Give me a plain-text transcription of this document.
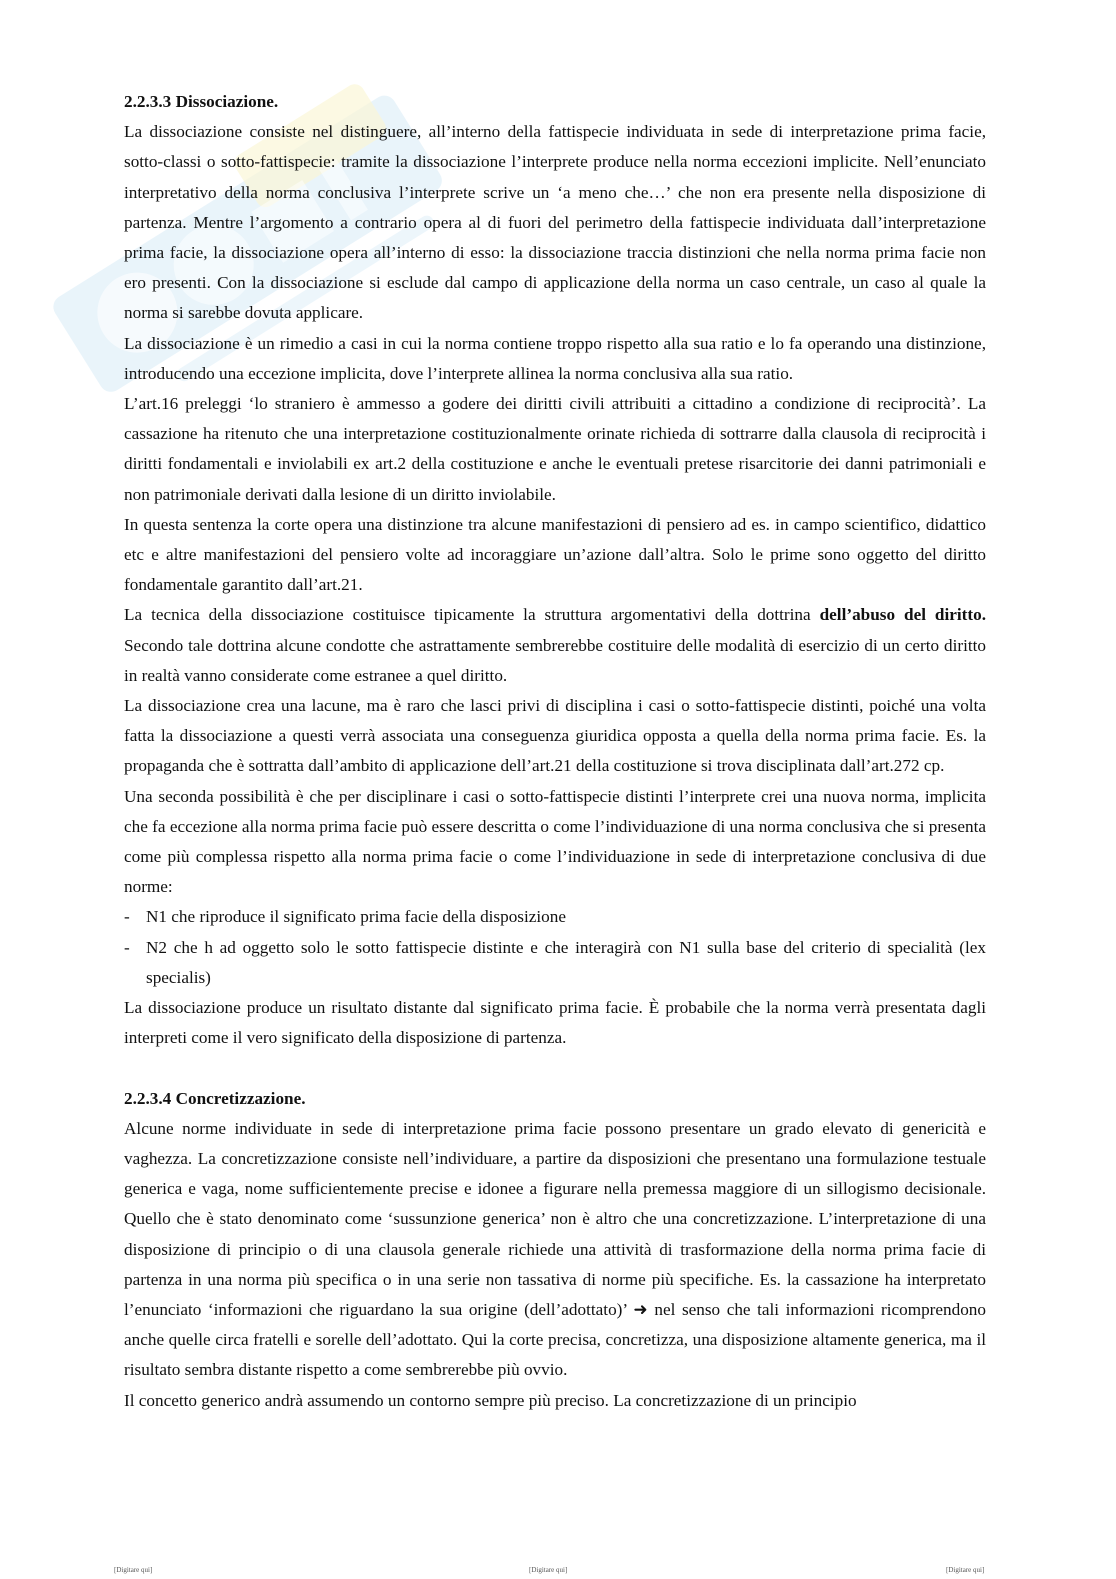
2.2.3.3 Dissociazione.

La dissociazione consiste nel distinguere, all’interno della fattispecie individuata in sede di interpretazione prima facie, sotto-classi o sotto-fattispecie: tramite la dissociazione l’interprete produce nella norma eccezioni implicite. Nell’enunciato interpretativo della norma conclusiva l’interprete scrive un ‘a meno che…’ che non era presente nella disposizione di partenza. Mentre l’argomento a contrario opera al di fuori del perimetro della fattispecie individuata dall’interpretazione prima facie, la dissociazione opera all’interno di esso: la dissociazione traccia distinzioni che nella norma prima facie non ero presenti. Con la dissociazione si esclude dal campo di applicazione della norma un caso centrale, un caso al quale la norma si sarebbe dovuta applicare.

La dissociazione è un rimedio a casi in cui la norma contiene troppo rispetto alla sua ratio e lo fa operando una distinzione, introducendo una eccezione implicita, dove l’interprete allinea la norma conclusiva alla sua ratio.

L’art.16 preleggi ‘lo straniero è ammesso a godere dei diritti civili attribuiti a cittadino a condizione di reciprocità’. La cassazione ha ritenuto che una interpretazione costituzionalmente orinate richieda di sottrarre dalla clausola di reciprocità i diritti fondamentali e inviolabili ex art.2 della costituzione e anche le eventuali pretese risarcitorie dei danni patrimoniali e non patrimoniale derivati dalla lesione di un diritto inviolabile.

In questa sentenza la corte opera una distinzione tra alcune manifestazioni di pensiero ad es. in campo scientifico, didattico etc e altre manifestazioni del pensiero volte ad incoraggiare un’azione dall’altra. Solo le prime sono oggetto del diritto fondamentale garantito dall’art.21.

La tecnica della dissociazione costituisce tipicamente la struttura argomentativi della dottrina dell’abuso del diritto. Secondo tale dottrina alcune condotte che astrattamente sembrerebbe costituire delle modalità di esercizio di un certo diritto in realtà vanno considerate come estranee a quel diritto.

La dissociazione crea una lacune, ma è raro che lasci privi di disciplina i casi o sotto-fattispecie distinti, poiché una volta fatta la dissociazione a questi verrà associata una conseguenza giuridica opposta a quella della norma prima facie. Es. la propaganda che è sottratta dall’ambito di applicazione dell’art.21 della costituzione si trova disciplinata dall’art.272 cp.

Una seconda possibilità è che per disciplinare i casi o sotto-fattispecie distinti l’interprete crei una nuova norma, implicita che fa eccezione alla norma prima facie può essere descritta o come l’individuazione di una norma conclusiva che si presenta come più complessa rispetto alla norma prima facie o come l’individuazione in sede di interpretazione conclusiva di due norme:

- N1 che riproduce il significato prima facie della disposizione
- N2 che h ad oggetto solo le sotto fattispecie distinte e che interagirà con N1 sulla base del criterio di specialità (lex specialis)

La dissociazione produce un risultato distante dal significato prima facie. È probabile che la norma verrà presentata dagli interpreti come il vero significato della disposizione di partenza.

2.2.3.4 Concretizzazione.

Alcune norme individuate in sede di interpretazione prima facie possono presentare un grado elevato di genericità e vaghezza. La concretizzazione consiste nell’individuare, a partire da disposizioni che presentano una formulazione testuale generica e vaga, nome sufficientemente precise e idonee a figurare nella premessa maggiore di un sillogismo decisionale. Quello che è stato denominato come ‘sussunzione generica’ non è altro che una concretizzazione. L’interpretazione di una disposizione di principio o di una clausola generale richiede una attività di trasformazione della norma prima facie di partenza in una norma più specifica o in una serie non tassativa di norme più specifiche. Es. la cassazione ha interpretato l’enunciato ‘informazioni che riguardano la sua origine (dell’adottato)’ ➜ nel senso che tali informazioni ricomprendono anche quelle circa fratelli e sorelle dell’adottato. Qui la corte precisa, concretizza, una disposizione altamente generica, ma il risultato sembra distante rispetto a come sembrerebbe più ovvio.

Il concetto generico andrà assumendo un contorno sempre più preciso. La concretizzazione di un principio

[Digitare qui]	[Digitare qui]	[Digitare qui]
